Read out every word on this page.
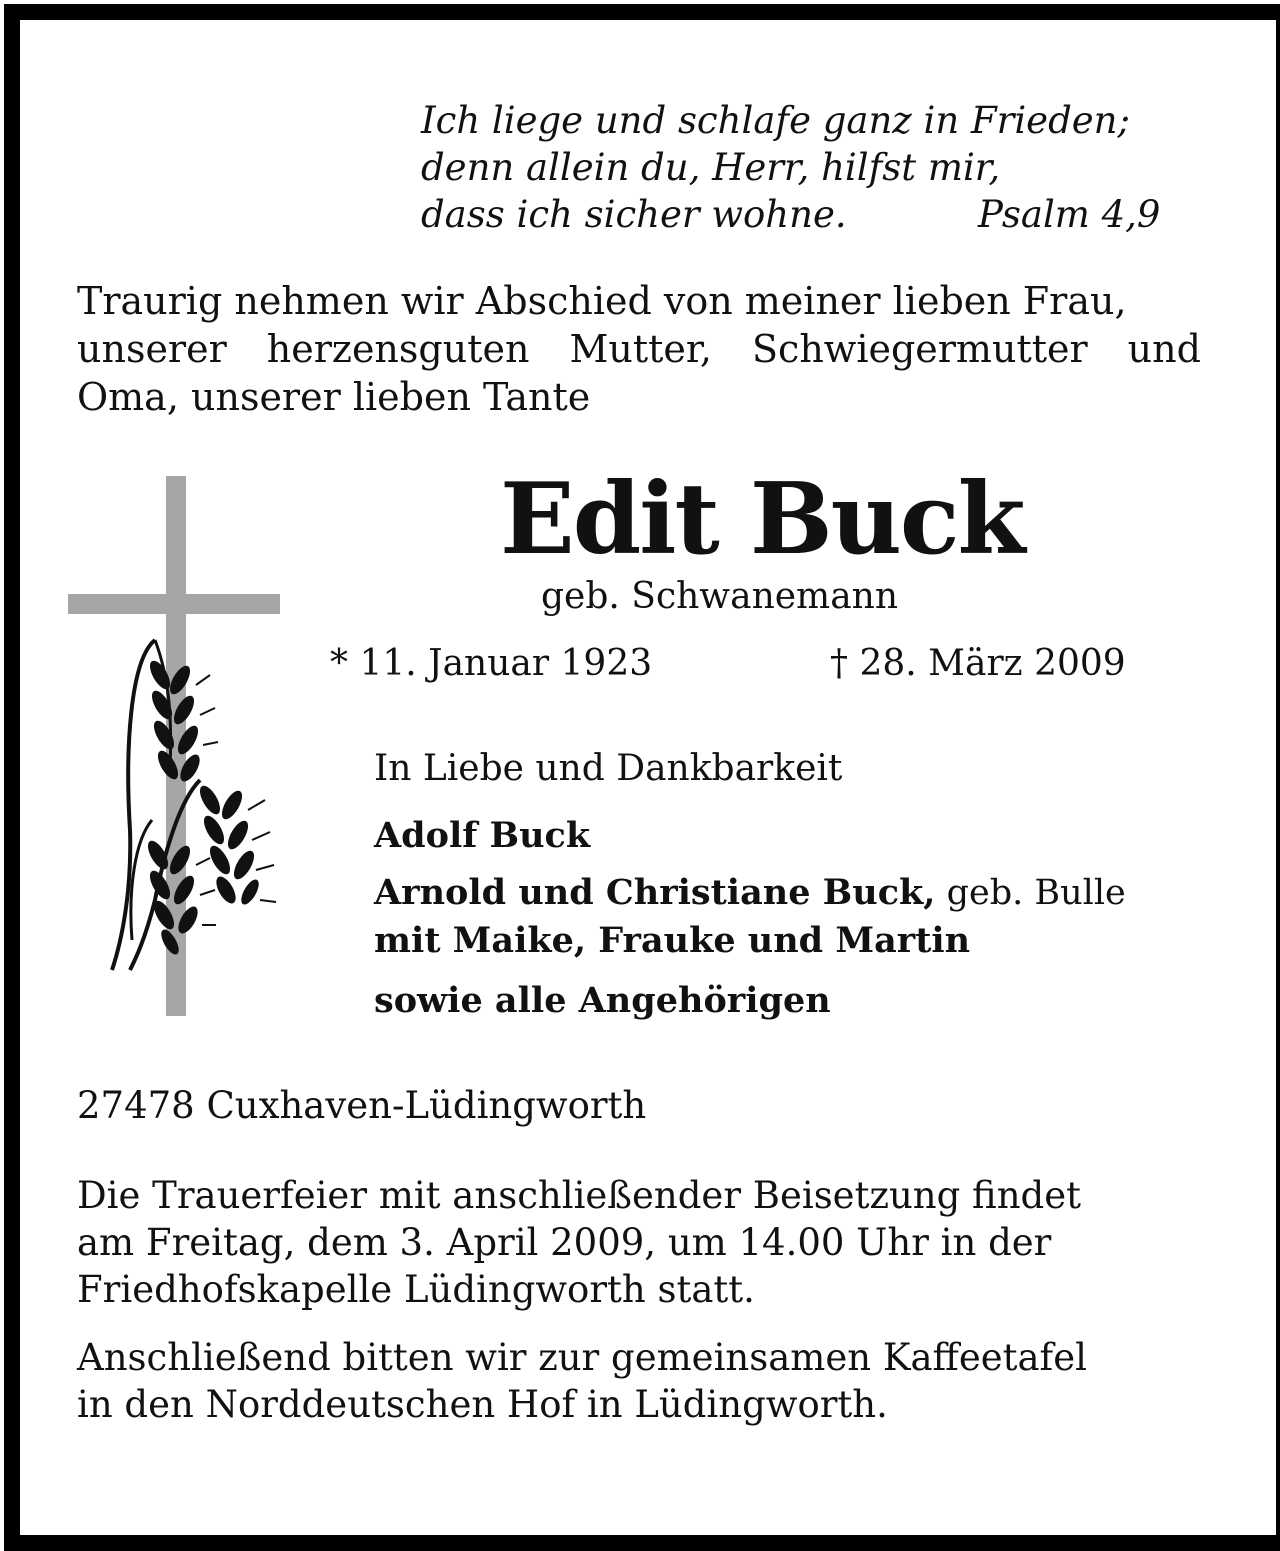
Ich liege und schlafe ganz in Frieden;
denn allein du, Herr, hilfst mir,
dass ich sicher wohne.	Psalm 4,9
Traurig nehmen wir Abschied von meiner lieben Frau,
unserer herzensguten Mutter, Schwiegermutter und
Oma, unserer lieben Tante
Edit Buck
geb. Schwanemann
* 11. Januar 1923	† 28. März 2009
In Liebe und Dankbarkeit
Adolf Buck
Arnold und Christiane Buck, geb. Bulle
mit Maike, Frauke und Martin
sowie alle Angehörigen
27478 Cuxhaven-Lüdingworth
Die Trauerfeier mit anschließender Beisetzung findet
am Freitag, dem 3. April 2009, um 14.00 Uhr in der
Friedhofskapelle Lüdingworth statt.
Anschließend bitten wir zur gemeinsamen Kaffeetafel
in den Norddeutschen Hof in Lüdingworth.
